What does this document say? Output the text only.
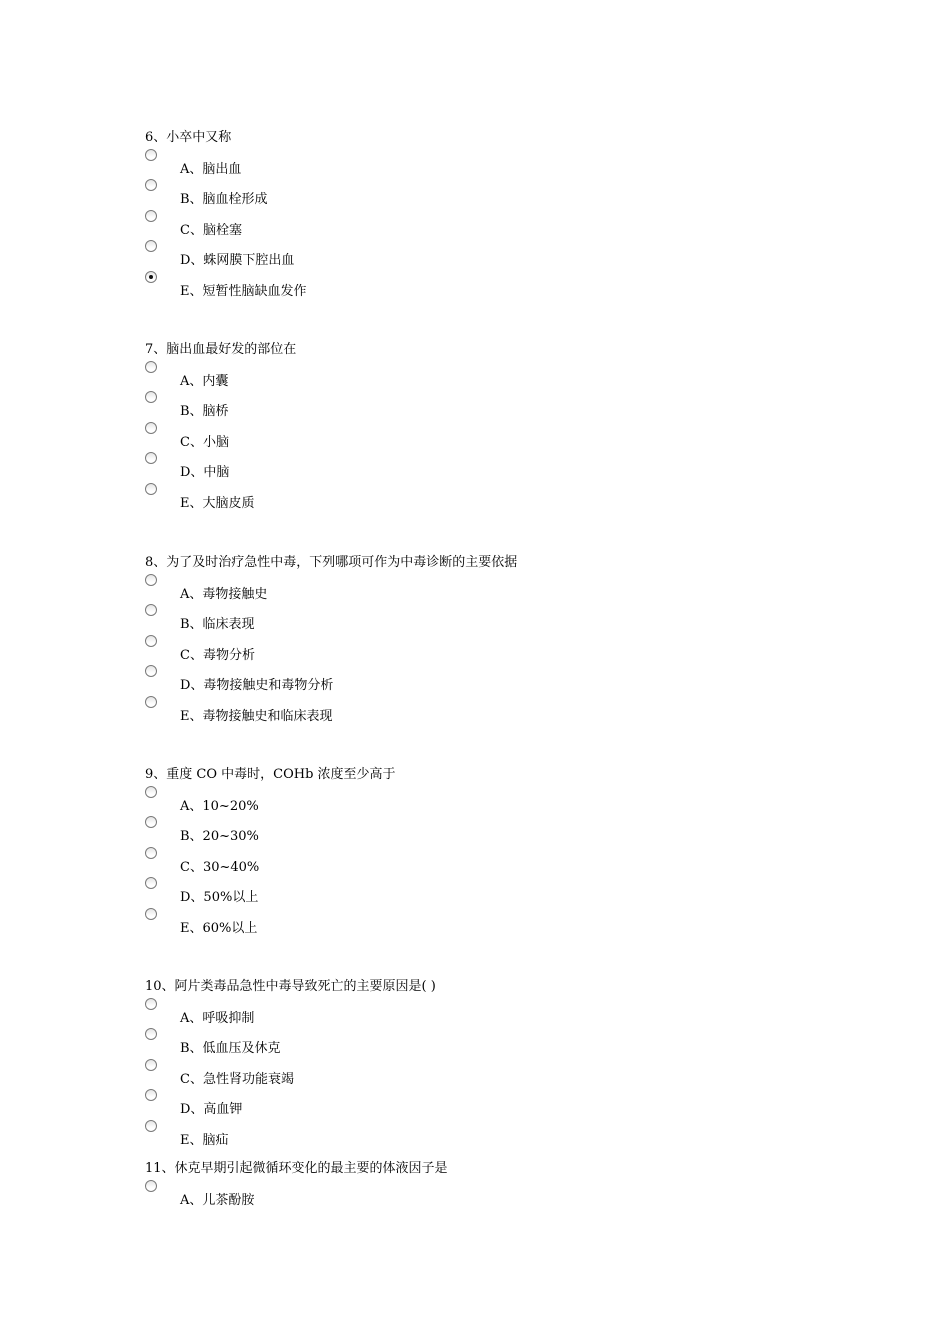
6、小卒中又称
A、脑出血
B、脑血栓形成
C、脑栓塞
D、蛛网膜下腔出血
E、短暂性脑缺血发作
7、脑出血最好发的部位在
A、内囊
B、脑桥
C、小脑
D、中脑
E、大脑皮质
8、为了及时治疗急性中毒，下列哪项可作为中毒诊断的主要依据
A、毒物接触史
B、临床表现
C、毒物分析
D、毒物接触史和毒物分析
E、毒物接触史和临床表现
9、重度 CO 中毒时，COHb 浓度至少高于
A、10~20%
B、20~30%
C、30~40%
D、50%以上
E、60%以上
10、阿片类毒品急性中毒导致死亡的主要原因是( )
A、呼吸抑制
B、低血压及休克
C、急性肾功能衰竭
D、高血钾
E、脑疝
11、休克早期引起微循环变化的最主要的体液因子是
A、儿茶酚胺
